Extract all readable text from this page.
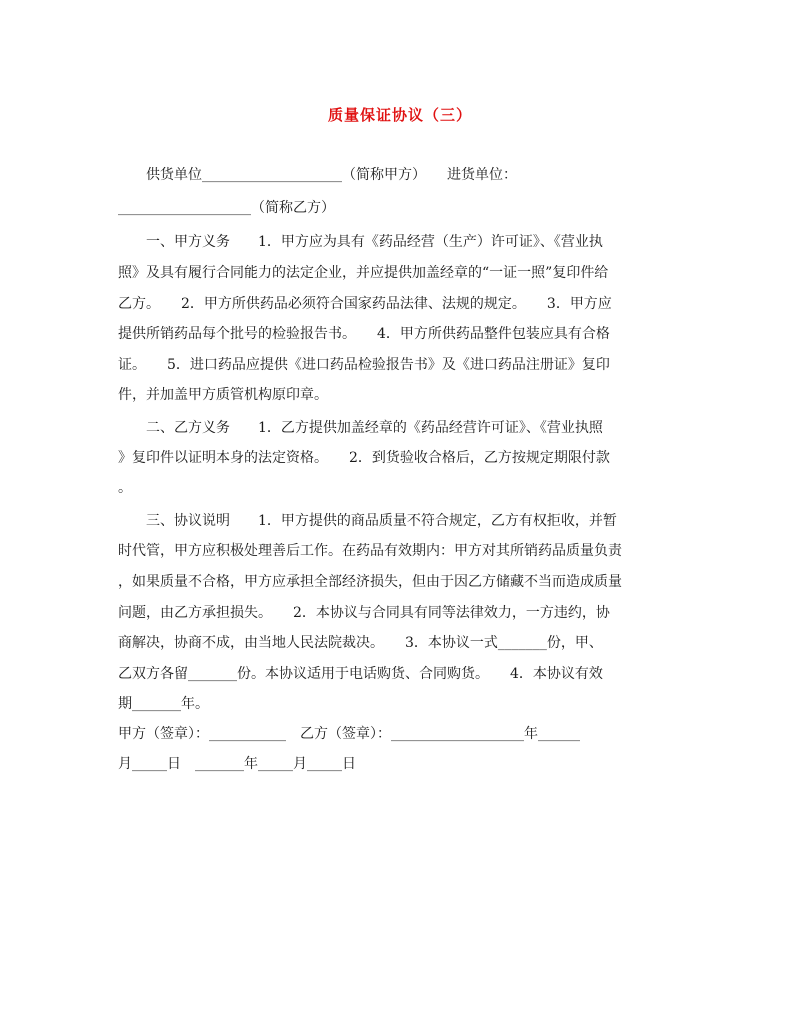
质量保证协议（三）
　　供货单位____________________（简称甲方）　　进货单位：
___________________（简称乙方）
　　一、甲方义务　　1．甲方应为具有《药品经营（生产）许可证》、《营业执
照》及具有履行合同能力的法定企业，并应提供加盖经章的“一证一照”复印件给
乙方。　　2．甲方所供药品必须符合国家药品法律、法规的规定。　　3．甲方应
提供所销药品每个批号的检验报告书。　　4．甲方所供药品整件包装应具有合格
证。　　5．进口药品应提供《进口药品检验报告书》及《进口药品注册证》复印
件，并加盖甲方质管机构原印章。
　　二、乙方义务　　1．乙方提供加盖经章的《药品经营许可证》、《营业执照
》复印件以证明本身的法定资格。　　2．到货验收合格后，乙方按规定期限付款
。
　　三、协议说明　　1．甲方提供的商品质量不符合规定，乙方有权拒收，并暂
时代管，甲方应积极处理善后工作。在药品有效期内：甲方对其所销药品质量负责
，如果质量不合格，甲方应承担全部经济损失，但由于因乙方储藏不当而造成质量
问题，由乙方承担损失。　　2．本协议与合同具有同等法律效力，一方违约，协
商解决，协商不成，由当地人民法院裁决。　　3．本协议一式_______份，甲、
乙双方各留_______份。本协议适用于电话购货、合同购货。　　4．本协议有效
期_______年。
甲方（签章）：___________　乙方（签章）：___________________年______
月_____日　_______年_____月_____日
